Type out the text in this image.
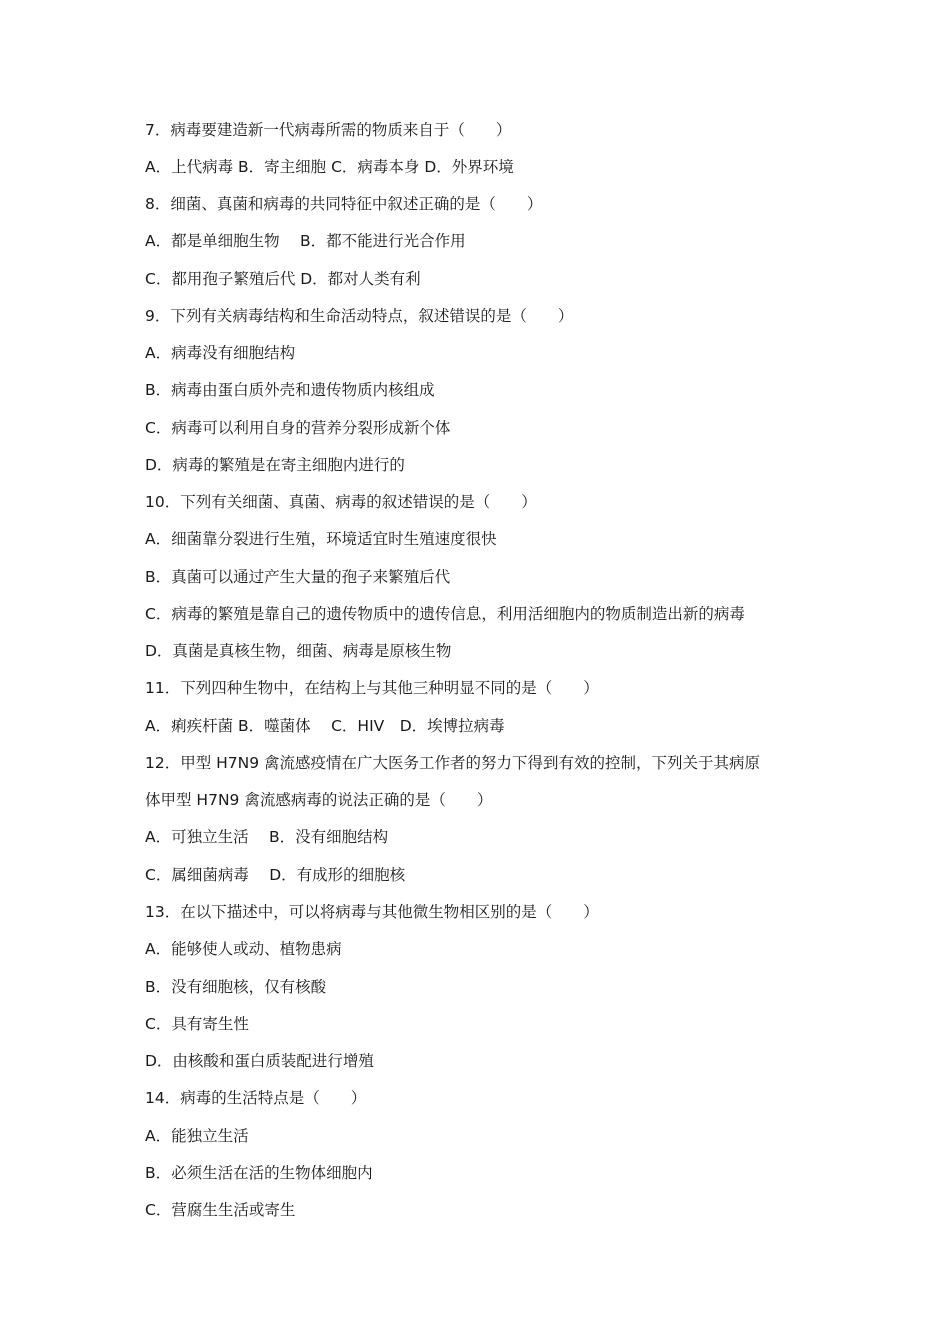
7．病毒要建造新一代病毒所需的物质来自于（　　）
A．上代病毒 B．寄主细胞 C．病毒本身 D．外界环境
8．细菌、真菌和病毒的共同特征中叙述正确的是（　　）
A．都是单细胞生物　 B．都不能进行光合作用
C．都用孢子繁殖后代 D．都对人类有利
9．下列有关病毒结构和生命活动特点，叙述错误的是（　　）
A．病毒没有细胞结构
B．病毒由蛋白质外壳和遗传物质内核组成
C．病毒可以利用自身的营养分裂形成新个体
D．病毒的繁殖是在寄主细胞内进行的
10．下列有关细菌、真菌、病毒的叙述错误的是（　　）
A．细菌靠分裂进行生殖，环境适宜时生殖速度很快
B．真菌可以通过产生大量的孢子来繁殖后代
C．病毒的繁殖是靠自己的遗传物质中的遗传信息，利用活细胞内的物质制造出新的病毒
D．真菌是真核生物，细菌、病毒是原核生物
11．下列四种生物中，在结构上与其他三种明显不同的是（　　）
A．痢疾杆菌 B．噬菌体　 C．HIV　D．埃博拉病毒
12．甲型 H7N9 禽流感疫情在广大医务工作者的努力下得到有效的控制，下列关于其病原
体甲型 H7N9 禽流感病毒的说法正确的是（　　）
A．可独立生活　 B．没有细胞结构
C．属细菌病毒　 D．有成形的细胞核
13．在以下描述中，可以将病毒与其他微生物相区别的是（　　）
A．能够使人或动、植物患病
B．没有细胞核，仅有核酸
C．具有寄生性
D．由核酸和蛋白质装配进行增殖
14．病毒的生活特点是（　　）
A．能独立生活
B．必须生活在活的生物体细胞内
C．营腐生生活或寄生
